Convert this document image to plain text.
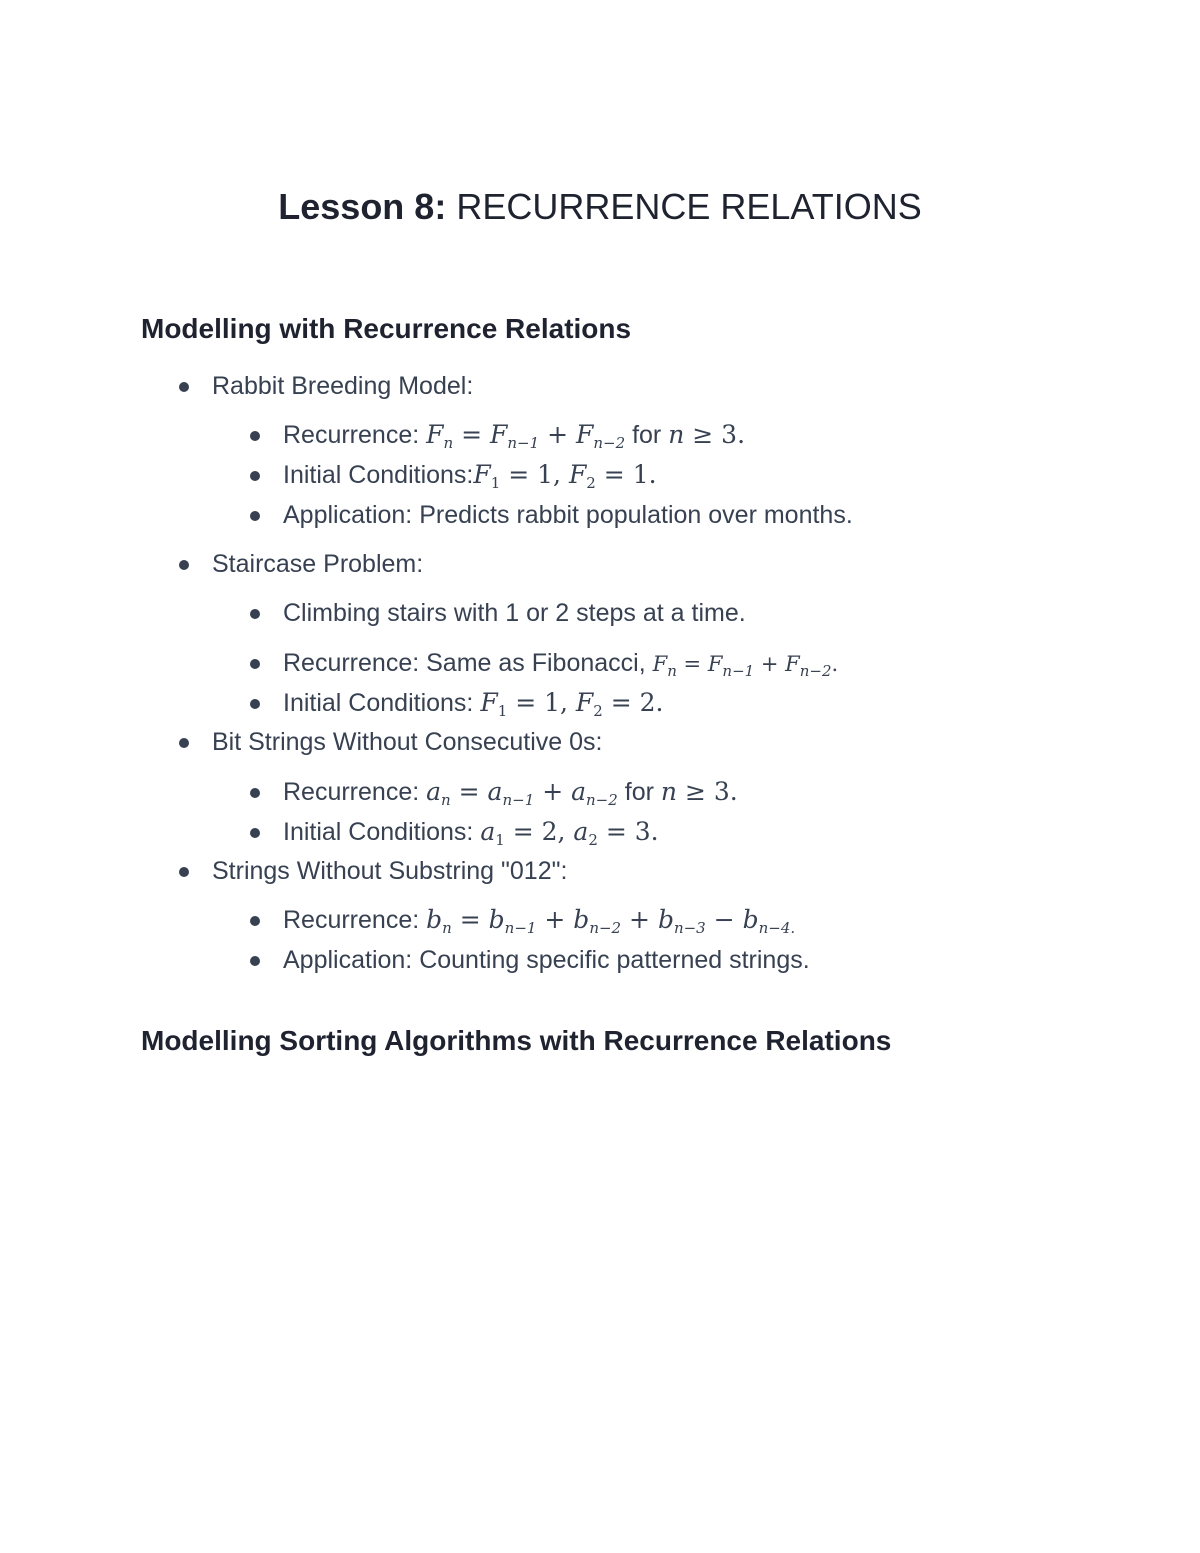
Lesson 8: RECURRENCE RELATIONS
Modelling with Recurrence Relations
Rabbit Breeding Model:
Recurrence: $F_n = F_{n-1} + F_{n-2}$ for n ≥ 3.
Initial $Conditions:F_1 = 1$, $F_2 = 1$.
Application: Predicts rabbit population over months.
Staircase Problem:
Climbing stairs with 1 or 2 steps at a time.
Recurrence: Same as Fibonacci, $F_n = F_{n-1} + F_{n-2}$.
Initial Conditions: $F_1 = 1$, $F_2 = 2$.
Bit Strings Without Consecutive 0s:
Recurrence: $a_n = a_{n-1} + a_{n-2}$ for n ≥ 3.
Initial Conditions: $a_1 = 2$, $a_2 = 3$.
Strings Without Substring "012":
Recurrence: $b_n = b_{n-1} + b_{n-2} + b_{n-3} - b_{n-4.}$
Application: Counting specific patterned strings.
Modelling Sorting Algorithms with Recurrence Relations
